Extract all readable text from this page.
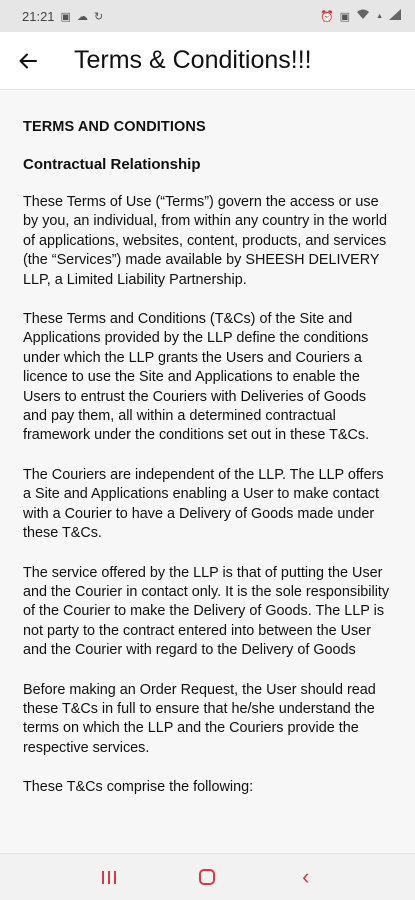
21:21 ▣ ☁ ↻	⏰ ▣	▲
Terms & Conditions!!!
TERMS AND CONDITIONS
Contractual Relationship

These Terms of Use (“Terms”) govern the access or use by you, an individual, from within any country in the world of applications, websites, content, products, and services (the “Services”) made available by SHEESH DELIVERY LLP, a Limited Liability Partnership.

These Terms and Conditions (T&Cs) of the Site and Applications provided by the LLP define the conditions under which the LLP grants the Users and Couriers a licence to use the Site and Applications to enable the Users to entrust the Couriers with Deliveries of Goods and pay them, all within a determined contractual framework under the conditions set out in these T&Cs.

The Couriers are independent of the LLP. The LLP offers a Site and Applications enabling a User to make contact with a Courier to have a Delivery of Goods made under these T&Cs.

The service offered by the LLP is that of putting the User and the Courier in contact only. It is the sole responsibility of the Courier to make the Delivery of Goods. The LLP is not party to the contract entered into between the User and the Courier with regard to the Delivery of Goods

Before making an Order Request, the User should read these T&Cs in full to ensure that he/she understand the terms on which the LLP and the Couriers provide the respective services.

These T&Cs comprise the following:

‹
